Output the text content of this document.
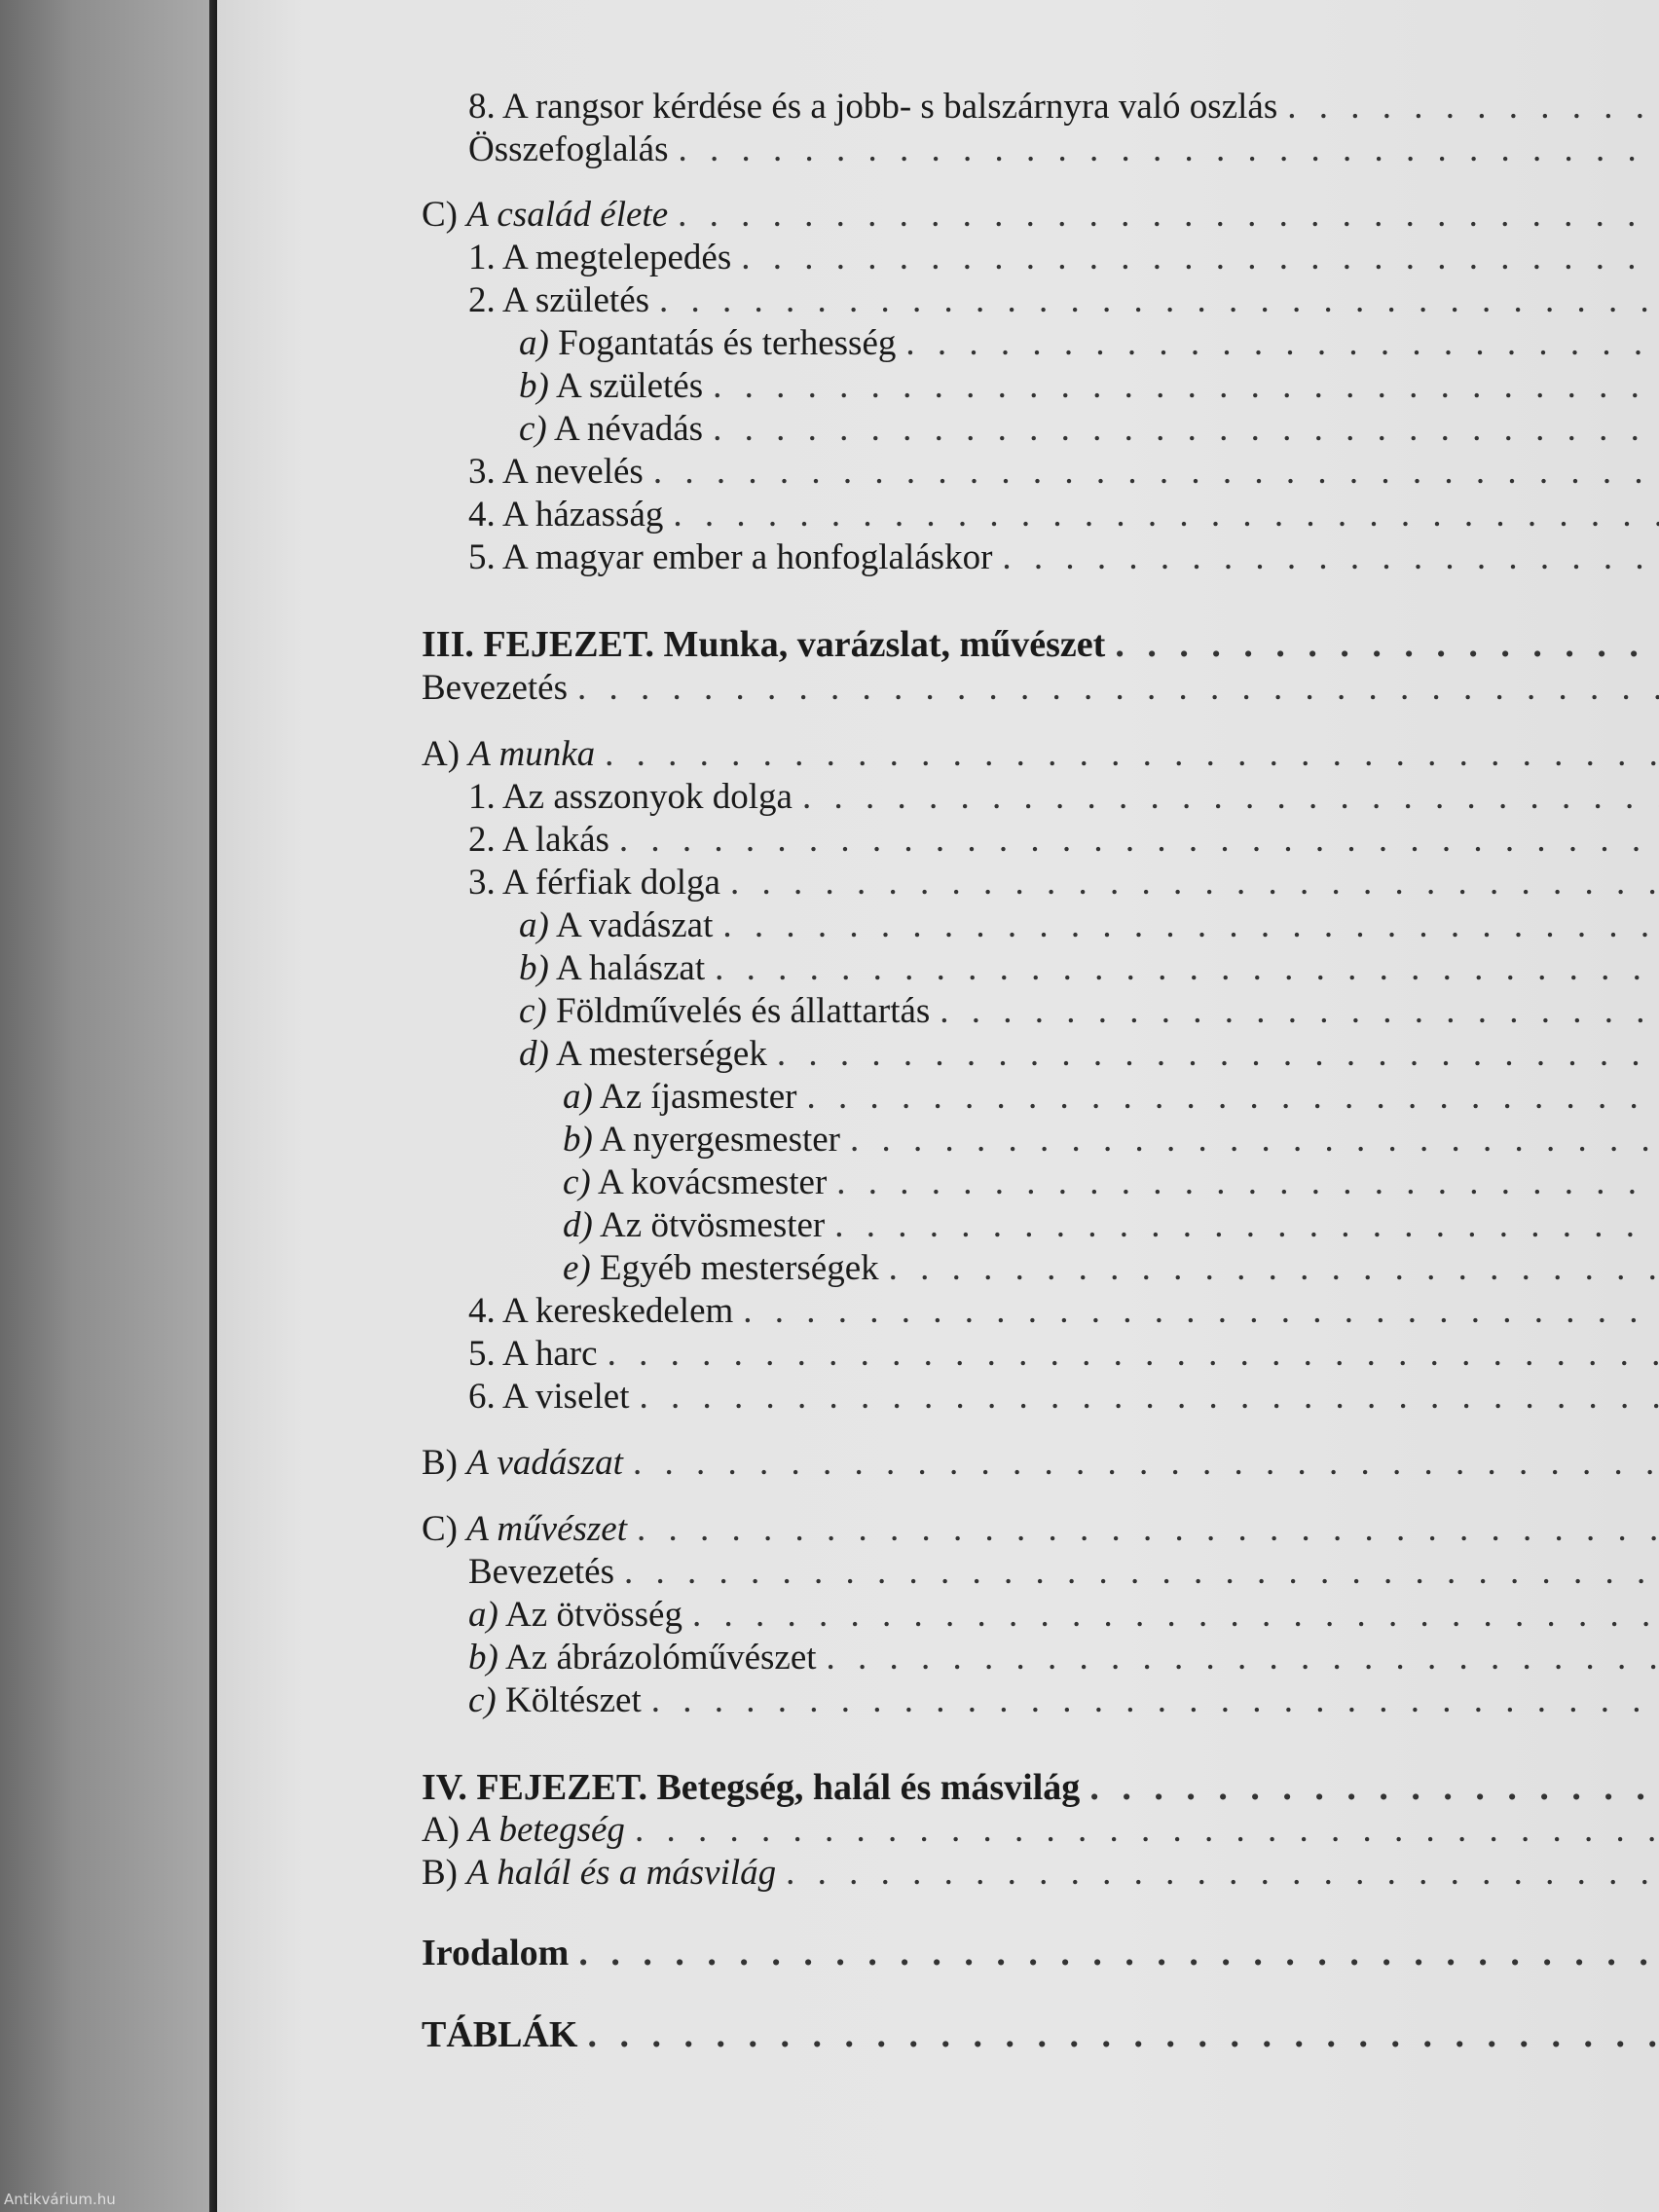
8. A rangsor kérdése és a jobb- s balszárnyra való oszlás
. . .
Összefoglalás
. . .
C) A család élete
. . .
1. A megtelepedés
. . .
2. A születés
. . .
a) Fogantatás és terhesség
. . .
b) A születés
. . .
c) A névadás
. . .
3. A nevelés
. . .
4. A házasság
. . .
5. A magyar ember a honfoglaláskor
. . .
III. FEJEZET. Munka, varázslat, művészet
. . .
Bevezetés
. . .
A) A munka
. . .
1. Az asszonyok dolga
. . .
2. A lakás
. . .
3. A férfiak dolga
. . .
a) A vadászat
. . .
b) A halászat
. . .
c) Földművelés és állattartás
. . .
d) A mesterségek
. . .
a) Az íjasmester
. . .
b) A nyergesmester
. . .
c) A kovácsmester
. . .
d) Az ötvösmester
. . .
e) Egyéb mesterségek
. . .
4. A kereskedelem
. . .
5. A harc
. . .
6. A viselet
. . .
B) A vadászat
. . .
C) A művészet
. . .
Bevezetés
. . .
a) Az ötvösség
. . .
b) Az ábrázolóművészet
. . .
c) Költészet
. . .
IV. FEJEZET. Betegség, halál és másvilág
. . .
A) A betegség
. . .
B) A halál és a másvilág
. . .
Irodalom
. . .
TÁBLÁK
. . .
Antikvárium.hu
